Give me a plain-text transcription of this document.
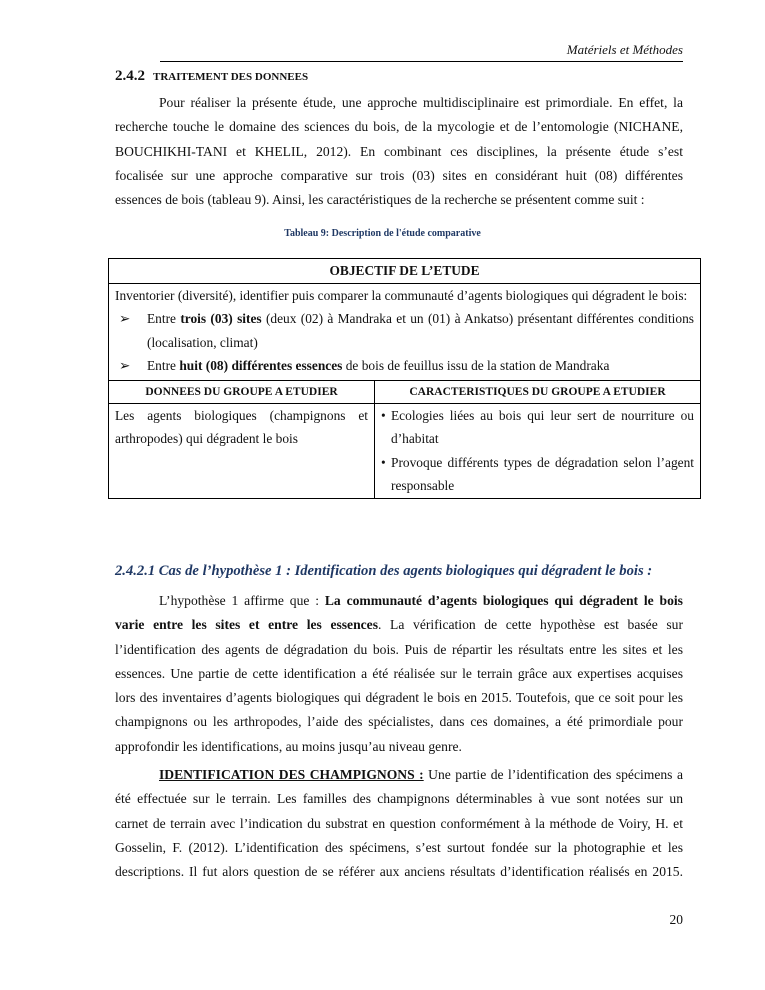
Matériels et Méthodes
2.4.2 TRAITEMENT DES DONNEES
Pour réaliser la présente étude, une approche multidisciplinaire est primordiale. En effet, la
recherche touche le domaine des sciences du bois, de la mycologie et de l’entomologie (NICHANE,
BOUCHIKHI-TANI et KHELIL, 2012). En combinant ces disciplines, la présente étude s’est
focalisée sur une approche comparative sur trois (03) sites en considérant huit (08) différentes
essences de bois (tableau 9). Ainsi, les caractéristiques de la recherche se présentent comme suit :
Tableau 9: Description de l'étude comparative
OBJECTIF DE L’ETUDE	

Inventorier (diversité), identifier puis comparer la communauté d’agents biologiques qui dégradent le bois:
➢ Entre trois (03) sites (deux (02) à Mandraka et un (01) à Ankatso) présentant différentes conditions (localisation, climat)
➢ Entre huit (08) différentes essences de bois de feuillus issu de la station de Mandraka	

DONNEES DU GROUPE A ETUDIER	CARACTERISTIQUES DU GROUPE A ETUDIER
Les agents biologiques (champignons et arthropodes) qui dégradent le bois	• Ecologies liées au bois qui leur sert de nourriture ou d’habitat
• Provoque différents types de dégradation selon l’agent responsable
2.4.2.1 Cas de l’hypothèse 1 : Identification des agents biologiques qui dégradent le bois :
L’hypothèse 1 affirme que : La communauté d’agents biologiques qui dégradent le bois
varie entre les sites et entre les essences. La vérification de cette hypothèse est basée sur
l’identification des agents de dégradation du bois. Puis de répartir les résultats entre les sites et les
essences. Une partie de cette identification a été réalisée sur le terrain grâce aux expertises acquises
lors des inventaires d’agents biologiques qui dégradent le bois en 2015. Toutefois, que ce soit pour les
champignons ou les arthropodes, l’aide des spécialistes, dans ces domaines, a été primordiale pour
approfondir les identifications, au moins jusqu’au niveau genre.
IDENTIFICATION DES CHAMPIGNONS : Une partie de l’identification des spécimens a
été effectuée sur le terrain. Les familles des champignons déterminables à vue sont notées sur un
carnet de terrain avec l’indication du substrat en question conformément à la méthode de Voiry, H. et
Gosselin, F. (2012). L’identification des spécimens, s’est surtout fondée sur la photographie et les
descriptions. Il fut alors question de se référer aux anciens résultats d’identification réalisés en 2015.
20
